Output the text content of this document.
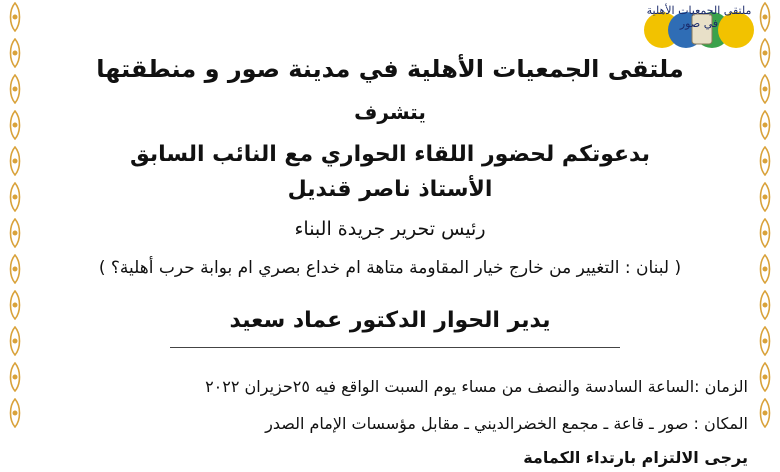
ملتقى الجمعيات الأهلية في صور
ملتقى الجمعيات الأهلية في مدينة صور و منطقتها
يتشرف
بدعوتكم لحضور اللقاء الحواري مع النائب السابق
الأستاذ ناصر قنديل
رئيس تحرير جريدة البناء
( لبنان : التغيير من خارج خيار المقاومة متاهة ام خداع بصري ام بوابة حرب أهلية؟ )
يدير الحوار الدكتور عماد سعيد
الزمان :الساعة السادسة والنصف من مساء يوم السبت الواقع فيه ٢٥حزيران ٢٠٢٢
المكان : صور ـ قاعة ـ مجمع الخضرالديني ـ مقابل مؤسسات الإمام الصدر
يرجى الالتزام بارتداء الكمامة
